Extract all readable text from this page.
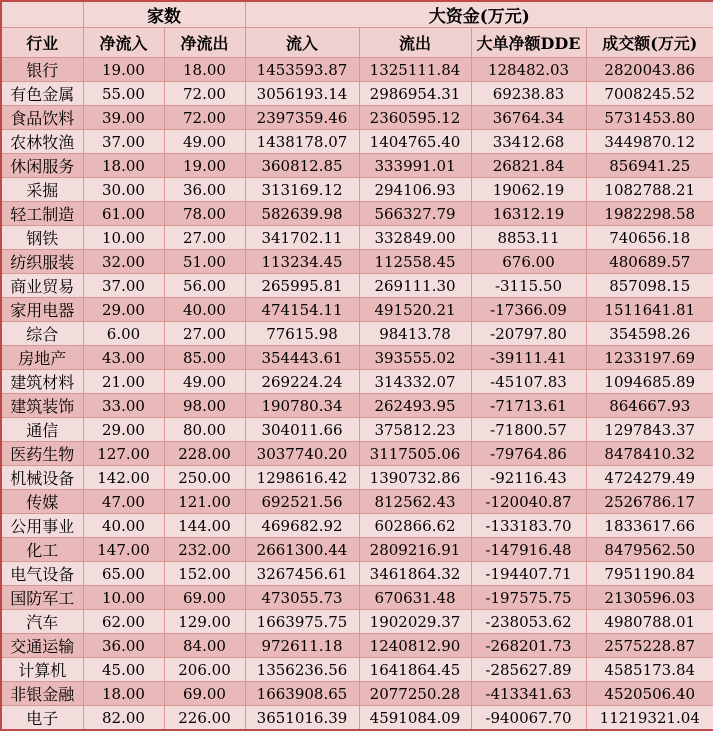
	家数		大资金(万元)			
行业	净流入	净流出	流入	流出	大单净额DDE	成交额(万元)
银行	19.00	18.00	1453593.87	1325111.84	128482.03	2820043.86
有色金属	55.00	72.00	3056193.14	2986954.31	69238.83	7008245.52
食品饮料	39.00	72.00	2397359.46	2360595.12	36764.34	5731453.80
农林牧渔	37.00	49.00	1438178.07	1404765.40	33412.68	3449870.12
休闲服务	18.00	19.00	360812.85	333991.01	26821.84	856941.25
采掘	30.00	36.00	313169.12	294106.93	19062.19	1082788.21
轻工制造	61.00	78.00	582639.98	566327.79	16312.19	1982298.58
钢铁	10.00	27.00	341702.11	332849.00	8853.11	740656.18
纺织服装	32.00	51.00	113234.45	112558.45	676.00	480689.57
商业贸易	37.00	56.00	265995.81	269111.30	-3115.50	857098.15
家用电器	29.00	40.00	474154.11	491520.21	-17366.09	1511641.81
综合	6.00	27.00	77615.98	98413.78	-20797.80	354598.26
房地产	43.00	85.00	354443.61	393555.02	-39111.41	1233197.69
建筑材料	21.00	49.00	269224.24	314332.07	-45107.83	1094685.89
建筑装饰	33.00	98.00	190780.34	262493.95	-71713.61	864667.93
通信	29.00	80.00	304011.66	375812.23	-71800.57	1297843.37
医药生物	127.00	228.00	3037740.20	3117505.06	-79764.86	8478410.32
机械设备	142.00	250.00	1298616.42	1390732.86	-92116.43	4724279.49
传媒	47.00	121.00	692521.56	812562.43	-120040.87	2526786.17
公用事业	40.00	144.00	469682.92	602866.62	-133183.70	1833617.66
化工	147.00	232.00	2661300.44	2809216.91	-147916.48	8479562.50
电气设备	65.00	152.00	3267456.61	3461864.32	-194407.71	7951190.84
国防军工	10.00	69.00	473055.73	670631.48	-197575.75	2130596.03
汽车	62.00	129.00	1663975.75	1902029.37	-238053.62	4980788.01
交通运输	36.00	84.00	972611.18	1240812.90	-268201.73	2575228.87
计算机	45.00	206.00	1356236.56	1641864.45	-285627.89	4585173.84
非银金融	18.00	69.00	1663908.65	2077250.28	-413341.63	4520506.40
电子	82.00	226.00	3651016.39	4591084.09	-940067.70	11219321.04
